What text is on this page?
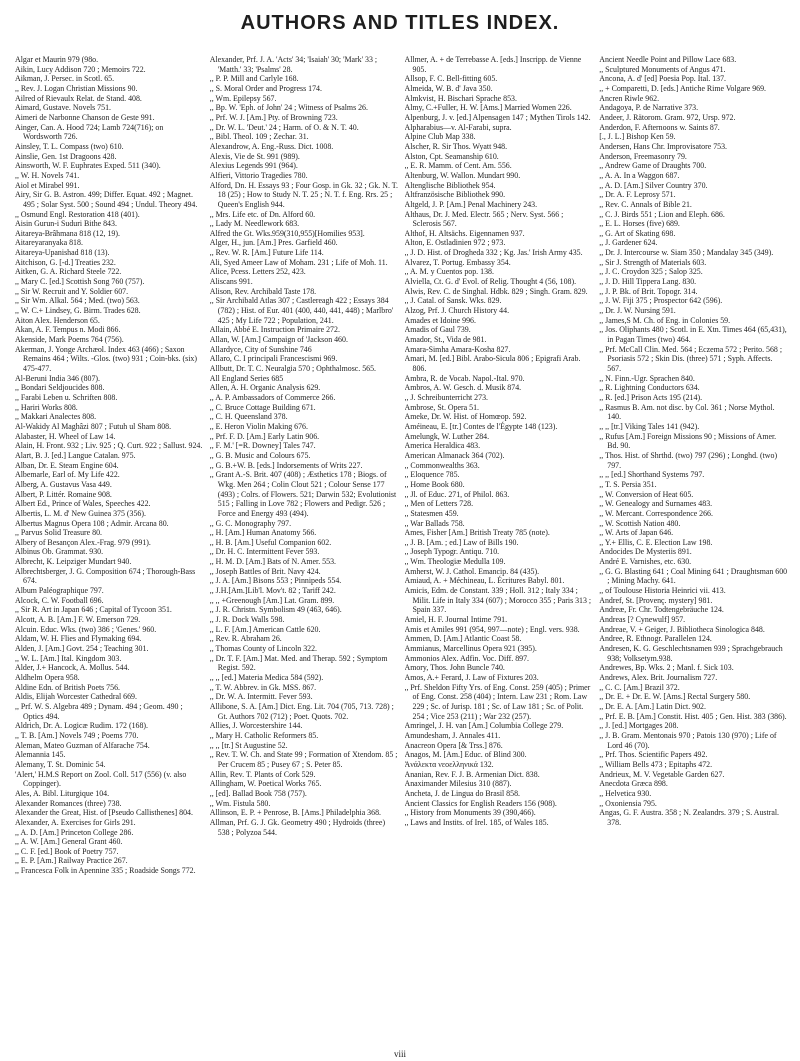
AUTHORS AND TITLES INDEX.

Algar et Maurin 979 (98o.

Aikin, Lucy Addison 720 ; Memoirs 722.

Aikman, J. Persec. in Scotl. 65.

,, Rev. J. Logan Christian Missions 90.

Ailred of Rievaulx Relat. de Stand. 408.

Aimard, Gustave. Novels 751.

Aimeri de Narbonne Chanson de Geste 991.

Ainger, Can. A. Hood 724; Lamb 724(716); on Wordsworth 726.

Ainsley, T. L. Compass (two) 610.

Ainslie, Gen. 1st Dragoons 428.

Ainsworth, W. F. Euphrates Exped. 511 (340).

,, W. H. Novels 741.

Aiol et Mirabel 991.

Airy, Sir G. B. Astron. 499; Differ. Equat. 492 ; Magnet. 495 ; Solar Syst. 500 ; Sound 494 ; Undul. Theory 494.

,, Osmund Engl. Restoration 418 (401).

Aisin Gurun-i Suduri Bithe 843.

Aitareya-Brâhmana 818 (12, 19).

Aitareyaranyaka 818.

Aitareya-Upanishad 818 (13).

Aitchison, G. [-d.] Treaties 232.

Aitken, G. A. Richard Steele 722.

,, Mary C. [ed.] Scottish Song 760 (757).

,, Sir W. Recruit and Y. Soldier 607.

,, Sir Wm. Alkal. 564 ; Med. (two) 563.

,, W. C.+ Lindsey, G. Birm. Trades 628.

Aiton Alex. Henderson 65.

Akan, A. F. Tempus n. Modi 866.

Akenside, Mark Poems 764 (756).

Akerman, J. Yonge Archæol. Index 463 (466) ; Saxon Remains 464 ; Wilts. -Glos. (two) 931 ; Coin-bks. (six) 475-477.

Al-Beruni India 346 (807).

,, Bondari Seldjoucides 808.

,, Farabi Leben u. Schriften 808.

,, Hariri Works 808.

,, Makkari Analectes 808.

Al-Wakidy Al Maghâzi 807 ; Futuh ul Sham 808.

Alabaster, H. Wheel of Law 14.

Alain, H. Front. 932 ; Liv. 925 ; Q. Curt. 922 ; Sallust. 924.

Alart, B. J. [ed.] Langue Catalan. 975.

Alban, Dr. E. Steam Engine 604.

Albemarle, Earl of. My Life 422.

Alberg, A. Gustavus Vasa 449.

Albert, P. Littér. Romaine 908.

Albert Ed., Prince of Wales, Speeches 422.

Albertis, L. M. d' New Guinea 375 (356).

Albertus Magnus Opera 108 ; Admir. Arcana 80.

,, Parvus Solid Treasure 80.

Albery of Besançon Alex.-Frag. 979 (991).

Albinus Ob. Grammat. 930.

Albrecht, K. Leipziger Mundart 940.

Albrechtsberger, J. G. Composition 674 ; Thorough-Bass 674.

Album Paléographique 797.

Alcock, C. W. Football 696.

,, Sir R. Art in Japan 646 ; Capital of Tycoon 351.

Alcott, A. B. [Am.] F. W. Emerson 729.

Alcuin. Educ. Wks. (two) 386 ; 'Genes.' 960.

Aldam, W. H. Flies and Flymaking 694.

Alden, J. [Am.] Govt. 254 ; Teaching 301.

,, W. L. [Am.] Ital. Kingdom 303.

Alder, J.+ Hancock, A. Mollus. 544.

Aldhelm Opera 958.

Aldine Edn. of British Poets 756.

Aldis, Elijah Worcester Cathedral 669.

,, Prf. W. S. Algebra 489 ; Dynam. 494 ; Geom. 490 ; Optics 494.

Aldrich, Dr. A. Logicæ Rudim. 172 (168).

,, T. B. [Am.] Novels 749 ; Poems 770.

Aleman, Mateo Guzman of Alfarache 754.

Alemannia 145.

Alemany, T. St. Dominic 54.

'Alert,' H.M.S Report on Zool. Coll. 517 (556) (v. also Coppinger).

Ales, A. Bibl. Liturgique 104.

Alexander Romances (three) 738.

Alexander the Great, Hist. of [Pseudo Callisthenes] 804.

Alexander, A. Exercises for Girls 291.

,, A. D. [Am.] Princeton College 286.

,, A. W. [Am.] General Grant 460.

,, C. F. [ed.] Book of Poetry 757.

,, E. P. [Am.] Railway Practice 267.

,, Francesca Folk in Apennine 335 ; Roadside Songs 772.

Alexander, Prf. J. A. 'Acts' 34; 'Isaiah' 30; 'Mark' 33 ; 'Matth.' 33; 'Psalms' 28.

,, P. P. Mill and Carlyle 168.

,, S. Moral Order and Progress 174.

,, Wm. Epilepsy 567.

,, Bp. W. 'Eph. of John' 24 ; Witness of Psalms 26.

,, Prf. W. J. [Am.] Pty. of Browning 723.

,, Dr. W. L. 'Deut.' 24 ; Harm. of O. & N. T. 40.

,, Bibl. Theol. 109 ; Zechar. 31.

Alexandrow, A. Eng.-Russ. Dict. 1008.

Alexis, Vie de St. 991 (989).

Alexius Legends 991 (964).

Alfieri, Vittorio Tragedies 780.

Alford, Dn. H. Essays 93 ; Four Gosp. in Gk. 32 ; Gk. N. T. 18 (25) ; How to Study N. T. 25 ; N. T. f. Eng. Rrs. 25 ; Queen's English 944.

,, Mrs. Life etc. of Dn. Alford 60.

,, Lady M. Needlework 683.

Alfred the Gt. Wks.959(310,955)[Homilies 953].

Alger, H., jun. [Am.] Pres. Garfield 460.

,, Rev. W. R. [Am.] Future Life 114.

Ali, Syed Ameer Law of Moham. 231 ; Life of Moh. 11.

Alice, Pcess. Letters 252, 423.

Aliscans 991.

Alison, Rev. Archibald Taste 178.

,, Sir Archibald Atlas 307 ; Castlereagh 422 ; Essays 384 (782) ; Hist. of Eur. 401 (400, 440, 441, 448) ; Marlbro' 425 ; My Life 722 ; Population, 241.

Allain, Abbé E. Instruction Primaire 272.

Allan, W. [Am.] Campaign of 'Jackson 460.

Allardyce, City of Sunshine 746

Allaro, C. I principali Francescismi 969.

Allbutt, Dr. T. C. Neuralgia 570 ; Ophthalmosc. 565.

All England Series 685

Allen, A. H. Organic Analysis 629.

,, A. P. Ambassadors of Commerce 266.

,, C. Bruce Cottage Building 671.

,, C. H. Queensland 378.

,, E. Heron Violin Making 676.

,, Prf. F. D. [Am.] Early Latin 906.

,, F. M.' [=R. Downey] Tales 747.

,, G. B. Music and Colours 675.

,, G. B.+W. B. [eds.] Indorsements of Writs 227.

,, Grant A.-S. Brit. 407 (408) ; Æsthetics 178 ; Biogs. of Wkg. Men 264 ; Colin Clout 521 ; Colour Sense 177 (493) ; Colrs. of Flowers. 521; Darwin 532; Evolutionist 515 ; Falling in Love 782 ; Flowers and Pedigr. 526 ; Force and Energy 493 (494).

,, G. C. Monography 797.

,, H. [Am.] Human Anatomy 566.

,, H. B. [Am.] Useful Companion 602.

,, Dr. H. C. Intermittent Fever 593.

,, H. M. D. [Am.] Bats of N. Amer. 553.

,, Joseph Battles of Brit. Navy 424.

,, J. A. [Am.] Bisons 553 ; Pinnipeds 554.

,, J.H.[Am.]Lib'l. Mov't. 82 ; Tariff 242.

,, ,, +Greenough [Am.] Lat. Gram. 899.

,, J. R. Christn. Symbolism 49 (463, 646).

,, J. R. Dock Walls 598.

,, L. F. [Am.] American Cattle 620.

,, Rev. R. Abraham 26.

,, Thomas County of Lincoln 322.

,, Dr. T. F. [Am.] Mat. Med. and Therap. 592 ; Symptom Regist. 592.

,, ,, [ed.] Materia Medica 584 (592).

,, T. W. Abbrev. in Gk. MSS. 867.

,, Dr. W. A. Intermitt. Fever 593.

Allibone, S. A. [Am.] Dict. Eng. Lit. 704 (705, 713. 728) ; Gt. Authors 702 (712) ; Poet. Quots. 702.

Allies, J. Worcestershire 144.

,, Mary H. Catholic Reformers 85.

,, ,, [tr.] St Augustine 52.

,, Rev. T. W. Ch. and State 99 ; Formation of Xtendom. 85 ; Per Crucem 85 ; Pusey 67 ; S. Peter 85.

Allin, Rev. T. Plants of Cork 529.

Allingham, W. Poetical Works 765.

,, [ed]. Ballad Book 758 (757).

,, Wm. Fistula 580.

Allinson, E. P. + Penrose, B. [Ams.] Philadelphia 368.

Allman, Prf. G. J. Gk. Geometry 490 ; Hydroids (three) 538 ; Polyzoa 544.

Allmer, A. + de Terrebasse A. [eds.] Inscripp. de Vienne 905.

Allsop, F. C. Bell-fitting 605.

Almeida, W. B. d' Java 350.

Almkvist, H. Bischari Sprache 853.

Almy, C.+Fuller, H. W. [Ams.] Married Women 226.

Alpenburg, J. v. [ed.] Alpensagen 147 ; Mythen Tirols 142.

Alpharabius—v. Al-Farabi, supra.

Alpine Club Map 338.

Alscher, R. Sir Thos. Wyatt 948.

Alston, Cpt. Seamanship 610.

,, E. R. Mamm. of Cent. Am. 556.

Altenburg, W. Wallon. Mundart 990.

Altenglische Bibliothek 954.

Altfranzösische Bibliothek 990.

Altgeld, J. P. [Am.] Penal Machinery 243.

Althaus, Dr. J. Med. Electr. 565 ; Nerv. Syst. 566 ; Sclerosis 567.

Althof, H. Altsächs. Eigennamen 937.

Alton, E. Ostladinien 972 ; 973.

,, J. D. Hist. of Drogheda 332 ; Kg. Jas.' Irish Army 435.

Alvarez, T. Portug. Embassy 354.

,, A. M. y Cuentos pop. 138.

Alviella, Ct. G. d' Evol. of Relig. Thought 4 (56, 108).

Alwis, Rev. C. de Singhal. Hdbk. 829 ; Singh. Gram. 829.

,, J. Catal. of Sansk. Wks. 829.

Alzog, Prf. J. Church History 44.

Amades et Idoine 996.

Amadis of Gaul 739.

Amador, St., Vida de 981.

Amara-Simha Amara-Kosha 827.

Amari, M. [ed.] Bibl. Arabo-Sicula 806 ; Epigrafi Arab. 806.

Ambra, R. de Vocab. Napol.-Ital. 970.

Ambros, A. W. Gesch. d. Musik 874.

,, J. Schreibunterricht 273.

Ambrose, St. Opera 51.

Ameke, Dr. W. Hist. of Homœop. 592.

Améineau, E. [tr.] Contes de l'Égypte 148 (123).

Amelungk, W. Luther 284.

America Heraldica 483.

American Almanack 364 (702).

,, Commonwealths 363.

,, Eloquence 785.

,, Home Book 680.

,, Jl. of Educ. 271, of Philol. 863.

,, Men of Letters 728.

,, Statesmen 459.

,, War Ballads 758.

Ames, Fisher [Am.] British Treaty 785 (note).

,, J. B. [Am. ; ed.] Law of Bills 190.

,, Joseph Typogr. Antiqu. 710.

,, Wm. Theologiæ Medulla 109.

Amherst, W. J. Cathol. Emancip. 84 (435).

Amiaud, A. + Méchineau, L. Écritures Babyl. 801.

Amicis, Edm. de Constant. 339 ; Holl. 312 ; Italy 334 ; Milit. Life in Italy 334 (607) ; Morocco 355 ; Paris 313 ; Spain 337.

Amiel, H. F. Journal Intime 791.

Amis et Amiles 991 (954, 997—note) ; Engl. vers. 938.

Ammen, D. [Am.] Atlantic Coast 58.

Ammianus, Marcellinus Opera 921 (395).

Ammonios Alex. Adfin. Voc. Diff. 897.

Amory, Thos. John Buncle 740.

Amos, A.+ Ferard, J. Law of Fixtures 203.

,, Prf. Sheldon Fifty Yrs. of Eng. Const. 259 (405) ; Primer of Eng. Const. 258 (404) ; Intern. Law 231 ; Rom. Law 229 ; Sc. of Jurisp. 181 ; Sc. of Law 181 ; Sc. of Polit. 254 ; Vice 253 (211) ; War 232 (257).

Amringel, J. H. van [Am.] Columbia College 279.

Amundesham, J. Annales 411.

Anacreon Opera [& Trss.] 876.

Anagos, M. [Am.] Educ. of Blind 300.

Ἀνάλεκτα νεοελληνικά 132.

Ananian, Rev. F. J. B. Armenian Dict. 838.

Anaximander Milesius 310 (887).

Ancheta, J. de Lingua do Brasil 858.

Ancient Classics for English Readers 156 (908).

,, History from Monuments 39 (390,466).

,, Laws and Instits. of Irel. 185, of Wales 185.

Ancient Needle Point and Pillow Lace 683.

,, Sculptured Monuments of Angus 471.

Ancona, A. d' [ed] Poesia Pop. Ital. 137.

,, + Comparetti, D. [eds.] Antiche Rime Volgare 969.

Ancren Riwle 962.

Andagoya, P. de Narrative 373.

Andeer, J. Rätorom. Gram. 972, Ursp. 972.

Anderdon, F. Afternoons w. Saints 87.

[., J. L.] Bishop Ken 59.

Andersen, Hans Chr. Improvisatore 753.

Anderson, Freemasonry 79.

,, Andrew Game of Draughts 700.

,, A. A. In a Waggon 687.

,, A. D. [Am.] Silver Country 370.

,, Dr. A. F. Leprosy 571.

,, Rev. C. Annals of Bible 21.

,, C. J. Birds 551 ; Lion and Eleph. 686.

,, E. L. Horses (five) 689.

,, G. Art of Skating 698.

,, J. Gardener 624.

,, Dr. J. Intercourse w. Siam 350 ; Mandalay 345 (349).

,, Sir J. Strength of Materials 603.

,, J. C. Croydon 325 ; Salop 325.

,, J. D. Hill Tippera Lang. 830.

,, J. P. Bk. of Brit. Topogr. 314.

,, J. W. Fiji 375 ; Prospector 642 (596).

,, Dr. J. W. Nursing 591.

,, James,S M. Ch. of Eng. in Colonies 59.

,, Jos. Oliphants 480 ; Scotl. in E. Xtn. Times 464 (65,431), in Pagan Times (two) 464.

,, Prf. McCall Clin. Med. 564 ; Eczema 572 ; Perito. 568 ; Psoriasis 572 ; Skin Dis. (three) 571 ; Syph. Affects. 567.

,, N. Finn.-Ugr. Sprachen 840.

,, R. Lightning Conductors 634.

,, R. [ed.] Prison Acts 195 (214).

,, Rasmus B. Am. not disc. by Col. 361 ; Norse Mythol. 140.

,, ,, [tr.] Viking Tales 141 (942).

,, Rufus [Am.] Foreign Missions 90 ; Missions of Amer. Bd. 90.

,, Thos. Hist. of Shrthd. (two) 797 (296) ; Longhd. (two) 797.

,, ,, [ed.] Shorthand Systems 797.

,, T. S. Persia 351.

,, W. Conversion of Heat 605.

,, W. Genealogy and Surnames 483.

,, W. Mercant. Correspondence 266.

,, W. Scottish Nation 480.

,, W. Arts of Japan 646.

,, Y.+ Ellis, C. E. Election Law 198.

Andocides De Mysteriis 891.

André E. Varnishes, etc. 630.

,, G. G. Blasting 641 ; Coal Mining 641 ; Draughtsman 600 ; Mining Machy. 641.

,, of Toulouse Historia Heinrici vii. 413.

Andref, St. [Provenç. mystery] 981.

Andreæ, Fr. Chr. Todtengebräuche 124.

Andreas [? Cynewulf] 957.

Andreae, V. + Geiger, J. Bibliotheca Sinologica 848.

Andree, R. Ethnogr. Parallelen 124.

Andresen, K. G. Geschlechtsnamen 939 ; Sprachgebrauch 938; Volksetym.938.

Andrewes, Bp. Wks. 2 ; Manl. f. Sick 103.

Andrews, Alex. Brit. Journalism 727.

,, C. C. [Am.] Brazil 372.

,, Dr. E. + Dr. E. W. [Ams.] Rectal Surgery 580.

,, Dr. E. A. [Am.] Latin Dict. 902.

,, Prf. E. B. [Am.] Constit. Hist. 405 ; Gen. Hist. 383 (386).

,, J. [ed.] Mortgages 208.

,, J. B. Gram. Mentonais 970 ; Patois 130 (970) ; Life of Lord 46 (70).

,, Prf. Thos. Scientific Papers 492.

,, William Bells 473 ; Epitaphs 472.

Andrieux, M. V. Vegetable Garden 627.

Anecdota Græca 898.

,, Helvetica 930.

,, Oxoniensia 795.

Angas, G. F. Austra. 358 ; N. Zealandrs. 379 ; S. Austral. 378.

viii
